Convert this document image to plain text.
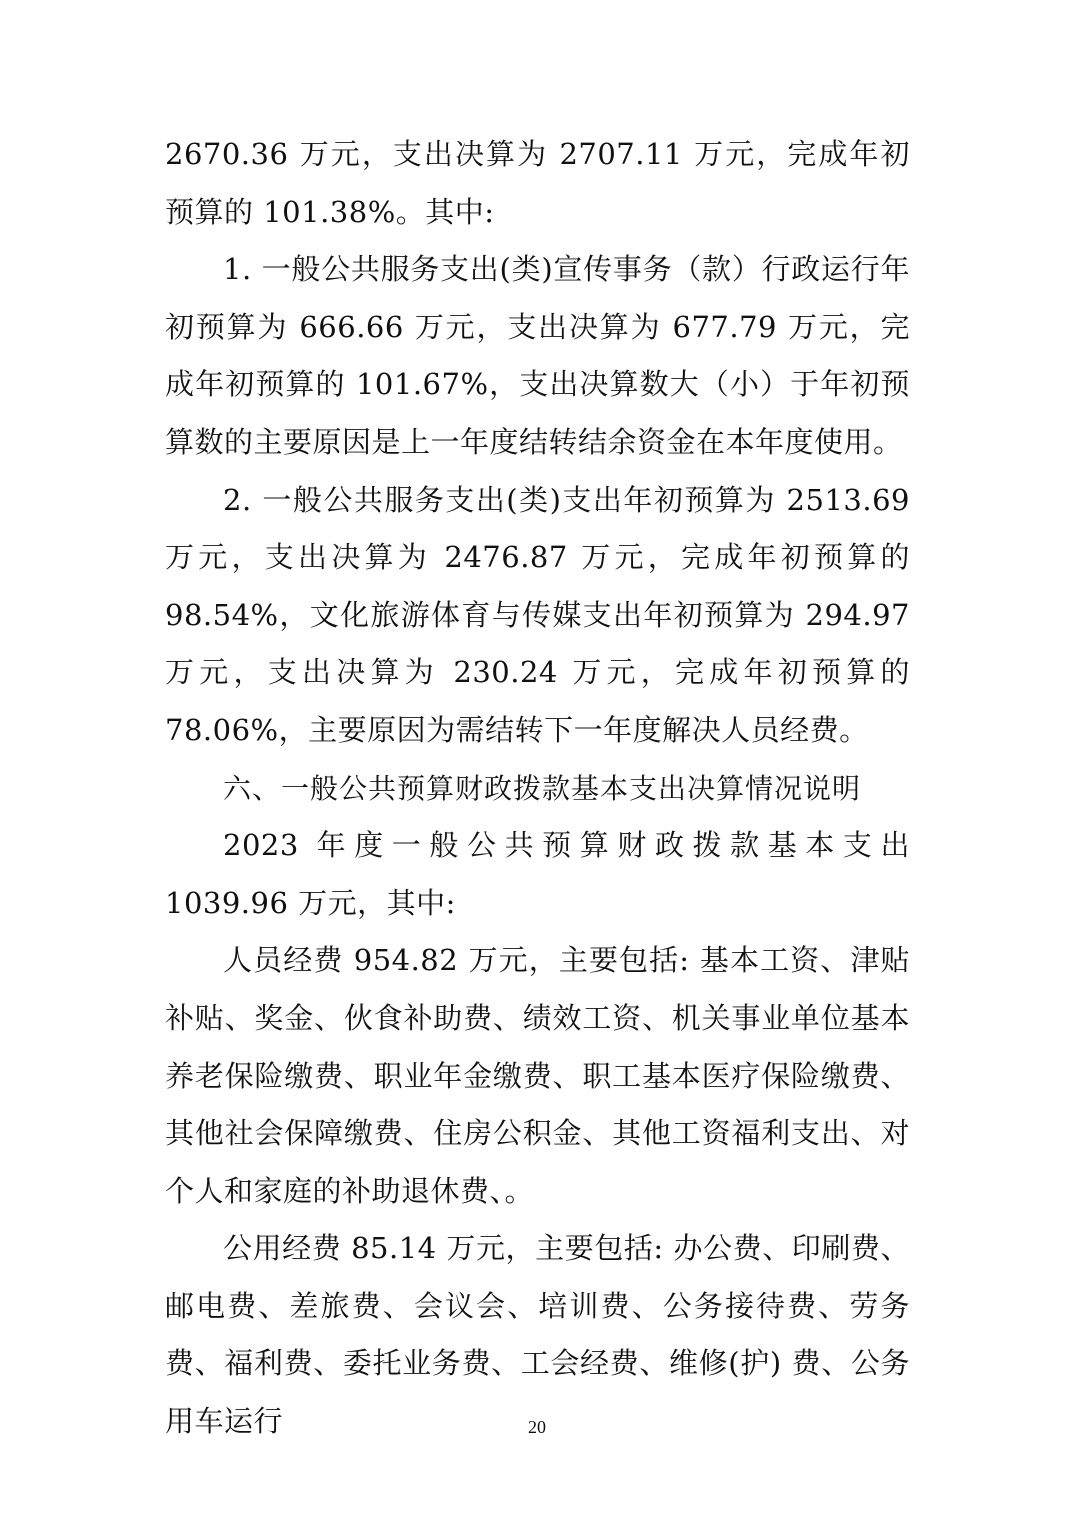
2670.36 万元，支出决算为 2707.11 万元，完成年初预算的 101.38%。其中:

1. 一般公共服务支出(类)宣传事务（款）行政运行年初预算为 666.66 万元，支出决算为 677.79 万元，完成年初预算的 101.67%，支出决算数大（小）于年初预算数的主要原因是上一年度结转结余资金在本年度使用。

2. 一般公共服务支出(类)支出年初预算为 2513.69 万元，支出决算为 2476.87 万元，完成年初预算的 98.54%，文化旅游体育与传媒支出年初预算为 294.97 万元，支出决算为 230.24 万元，完成年初预算的 78.06%，主要原因为需结转下一年度解决人员经费。

六、一般公共预算财政拨款基本支出决算情况说明

2023 年度一般公共预算财政拨款基本支出 1039.96 万元，其中:

人员经费 954.82 万元，主要包括: 基本工资、津贴补贴、奖金、伙食补助费、绩效工资、机关事业单位基本养老保险缴费、职业年金缴费、职工基本医疗保险缴费、其他社会保障缴费、住房公积金、其他工资福利支出、对个人和家庭的补助退休费、。

公用经费 85.14 万元，主要包括: 办公费、印刷费、邮电费、差旅费、会议会、培训费、公务接待费、劳务费、福利费、委托业务费、工会经费、维修(护) 费、公务用车运行	20
